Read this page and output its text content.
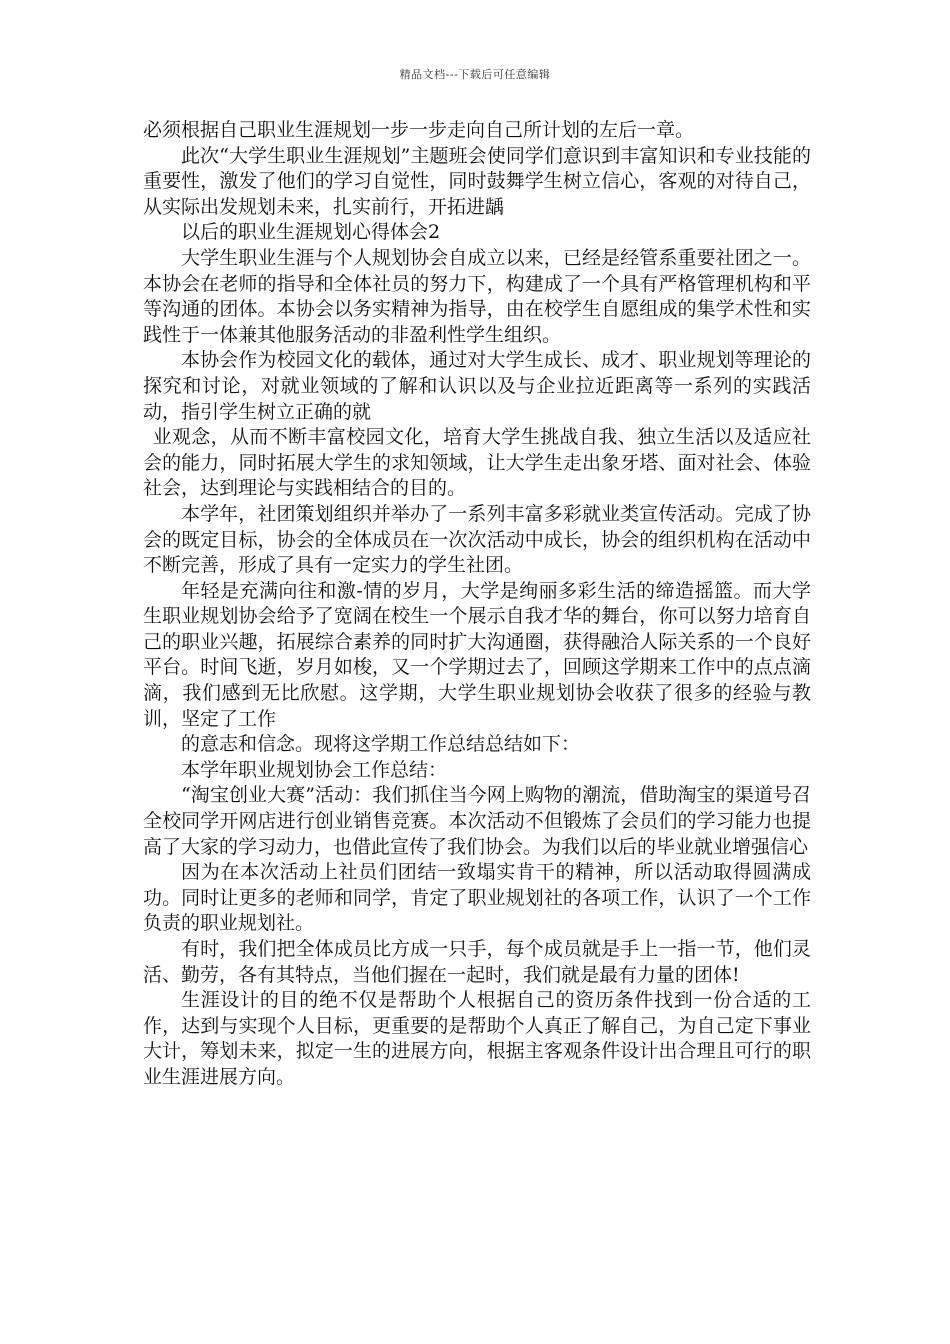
精品文档---下载后可任意编辑

必须根据自己职业生涯规划一步一步走向自己所计划的左后一章。

此次“大学生职业生涯规划”主题班会使同学们意识到丰富知识和专业技能的重要性，激发了他们的学习自觉性，同时鼓舞学生树立信心，客观的对待自己，从实际出发规划未来，扎实前行，开拓进龋

以后的职业生涯规划心得体会2

大学生职业生涯与个人规划协会自成立以来，已经是经管系重要社团之一。本协会在老师的指导和全体社员的努力下，构建成了一个具有严格管理机构和平等沟通的团体。本协会以务实精神为指导，由在校学生自愿组成的集学术性和实践性于一体兼其他服务活动的非盈利性学生组织。

本协会作为校园文化的载体，通过对大学生成长、成才、职业规划等理论的探究和讨论，对就业领域的了解和认识以及与企业拉近距离等一系列的实践活动，指引学生树立正确的就

业观念，从而不断丰富校园文化，培育大学生挑战自我、独立生活以及适应社会的能力，同时拓展大学生的求知领域，让大学生走出象牙塔、面对社会、体验社会，达到理论与实践相结合的目的。

本学年，社团策划组织并举办了一系列丰富多彩就业类宣传活动。完成了协会的既定目标，协会的全体成员在一次次活动中成长，协会的组织机构在活动中不断完善，形成了具有一定实力的学生社团。

年轻是充满向往和激-情的岁月，大学是绚丽多彩生活的缔造摇篮。而大学生职业规划协会给予了宽阔在校生一个展示自我才华的舞台，你可以努力培育自己的职业兴趣，拓展综合素养的同时扩大沟通圈，获得融洽人际关系的一个良好平台。时间飞逝，岁月如梭，又一个学期过去了，回顾这学期来工作中的点点滴滴，我们感到无比欣慰。这学期，大学生职业规划协会收获了很多的经验与教训，坚定了工作

的意志和信念。现将这学期工作总结总结如下：

本学年职业规划协会工作总结：

“淘宝创业大赛”活动：我们抓住当今网上购物的潮流，借助淘宝的渠道号召全校同学开网店进行创业销售竞赛。本次活动不但锻炼了会员们的学习能力也提高了大家的学习动力，也借此宣传了我们协会。为我们以后的毕业就业增强信心

因为在本次活动上社员们团结一致塌实肯干的精神，所以活动取得圆满成功。同时让更多的老师和同学，肯定了职业规划社的各项工作，认识了一个工作负责的职业规划社。

有时，我们把全体成员比方成一只手，每个成员就是手上一指一节，他们灵活、勤劳，各有其特点，当他们握在一起时，我们就是最有力量的团体!

生涯设计的目的绝不仅是帮助个人根据自己的资历条件找到一份合适的工作，达到与实现个人目标，更重要的是帮助个人真正了解自己，为自己定下事业大计，筹划未来，拟定一生的进展方向，根据主客观条件设计出合理且可行的职业生涯进展方向。
